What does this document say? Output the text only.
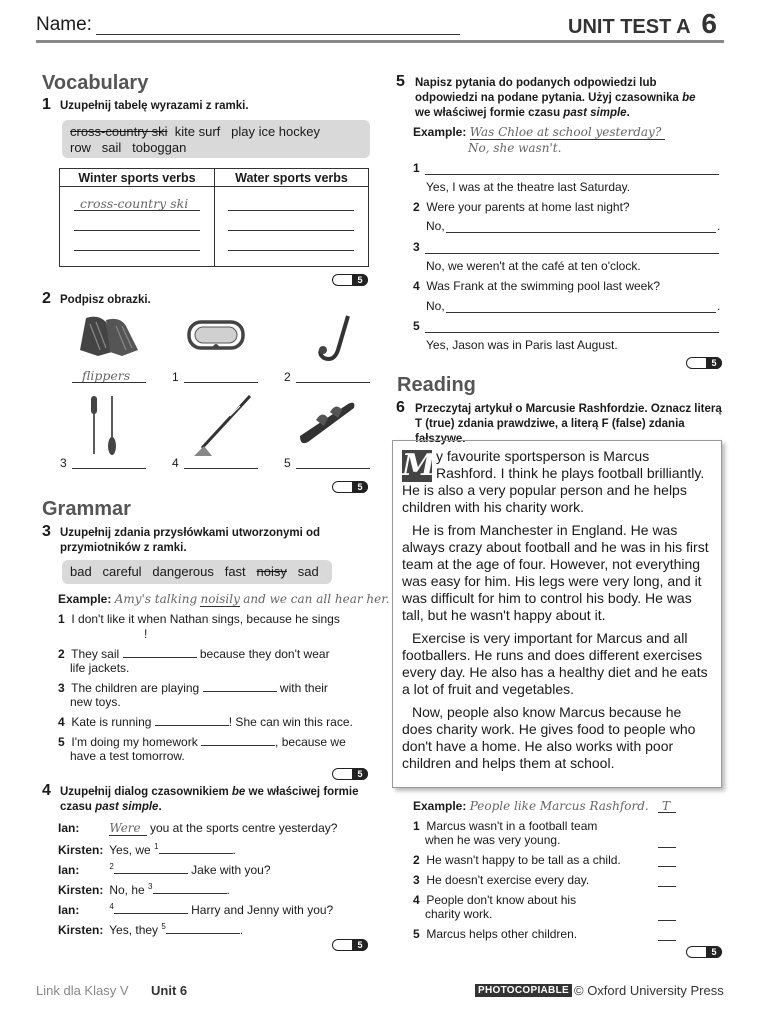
Name:	UNIT TEST A 6
Vocabulary
1 Uzupełnij tabelę wyrazami z ramki.
cross-country ski kite surf   play ice hockey
row   sail   toboggan
Winter sports verbs	Water sports verbs

cross-country ski
5
2 Podpisz obrazki.
flippers	1	2
3	4	5
5
Grammar
3 Uzupełnij zdania przysłówkami utworzonymi od
przymiotników z ramki.
bad careful dangerous fast noisy sad
Example: Amy's talking noisily and we can all hear her.
1 I don't like it when Nathan sings, because he sings
!
2 They sail	because they don't wear
life jackets.
3 The children are playing	with their
new toys.
4 Kate is running	! She can win this race.
5 I'm doing my homework	, because we
have a test tomorrow.
5
4 Uzupełnij dialog czasownikiem be we właściwej formie
czasu past simple.
Ian:	Were you at the sports centre yesterday?
Kirsten: Yes, we $^1$	.
Ian:	$^2$	Jake with you?
Kirsten: No, he $^3$	.
Ian:	$^4$	Harry and Jenny with you?
Kirsten: Yes, they $^5$	.
5
5 Napisz pytania do podanych odpowiedzi lub
odpowiedzi na podane pytania. Użyj czasownika be
we właściwej formie czasu past simple.
Example: Was Chloe at school yesterday?
No, she wasn't.
1
Yes, I was at the theatre last Saturday.
2 Were your parents at home last night?
No,	.
3
No, we weren't at the café at ten o'clock.
4 Was Frank at the swimming pool last week?
No,	.
5
Yes, Jason was in Paris last August.
5
Reading
6 Przeczytaj artykuł o Marcusie Rashfordzie. Oznacz literą
T (true) zdania prawdziwe, a literą F (false) zdania fałszywe.
M y favourite sportsperson is Marcus Rashford. I think he plays football brilliantly. He is also a very popular person and he helps children with his charity work.

He is from Manchester in England. He was always crazy about football and he was in his first team at the age of four. However, not everything was easy for him. His legs were very long, and it was difficult for him to control his body. He was tall, but he wasn't happy about it.

Exercise is very important for Marcus and all footballers. He runs and does different exercises every day. He also has a healthy diet and he eats a lot of fruit and vegetables.

Now, people also know Marcus because he does charity work. He gives food to people who don't have a home. He also works with poor children and helps them at school.

Example: People like Marcus Rashford. T
1 Marcus wasn't in a football team
when he was very young.
2 He wasn't happy to be tall as a child.
3 He doesn't exercise every day.
4 People don't know about his
charity work.
5 Marcus helps other children.
5
Link dla Klasy V Unit 6	PHOTOCOPIABLE © Oxford University Press
